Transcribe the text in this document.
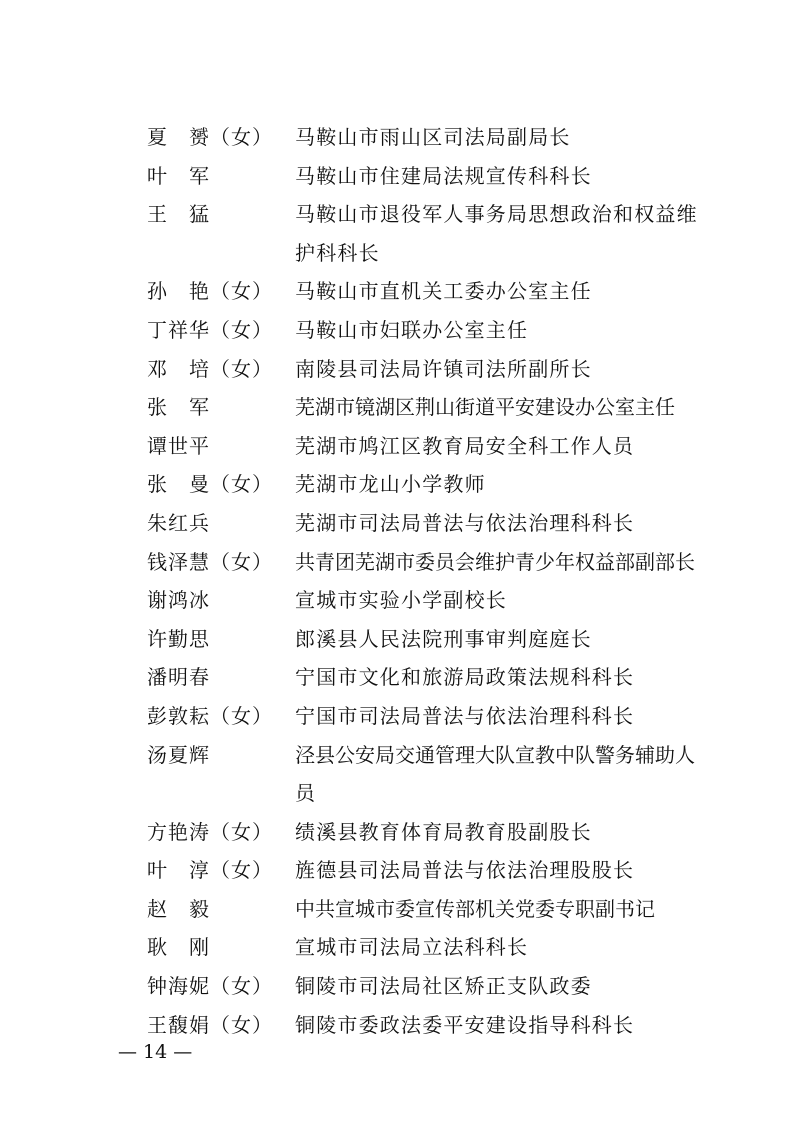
夏　赟（女）	马鞍山市雨山区司法局副局长
叶　军	马鞍山市住建局法规宣传科科长
王　猛	马鞍山市退役军人事务局思想政治和权益维护科科长
孙　艳（女）	马鞍山市直机关工委办公室主任
丁祥华（女）	马鞍山市妇联办公室主任
邓　培（女）	南陵县司法局许镇司法所副所长
张　军	芜湖市镜湖区荆山街道平安建设办公室主任
谭世平	芜湖市鸠江区教育局安全科工作人员
张　曼（女）	芜湖市龙山小学教师
朱红兵	芜湖市司法局普法与依法治理科科长
钱泽慧（女）	共青团芜湖市委员会维护青少年权益部副部长
谢鸿冰	宣城市实验小学副校长
许勤思	郎溪县人民法院刑事审判庭庭长
潘明春	宁国市文化和旅游局政策法规科科长
彭敦耘（女）	宁国市司法局普法与依法治理科科长
汤夏辉	泾县公安局交通管理大队宣教中队警务辅助人员
方艳涛（女）	绩溪县教育体育局教育股副股长
叶　淳（女）	旌德县司法局普法与依法治理股股长
赵　毅	中共宣城市委宣传部机关党委专职副书记
耿　刚	宣城市司法局立法科科长
钟海妮（女）	铜陵市司法局社区矫正支队政委
王馥娟（女）	铜陵市委政法委平安建设指导科科长
— 14 —
